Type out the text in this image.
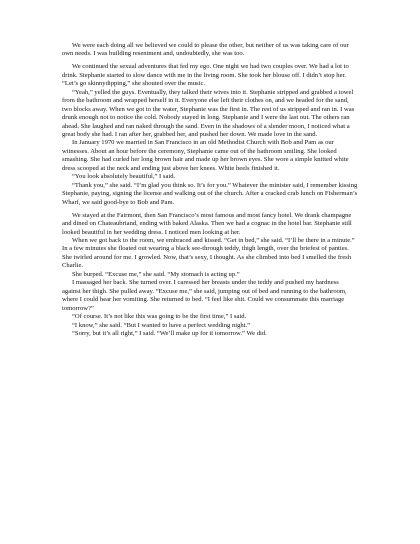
We were each doing all we believed we could to please the other, but neither of us was taking care of our own needs. I was building resentment and, undoubtedly, she was too.

We continued the sexual adventures that fed my ego. One night we had two couples over. We had a lot to drink. Stephanie started to slow dance with me in the living room. She took her blouse off. I didn’t stop her. “Let’s go skinnydipping,” she shouted over the music.

“Yeah,” yelled the guys. Eventually, they talked their wives into it. Stephanie stripped and grabbed a towel from the bathroom and wrapped herself in it. Everyone else left their clothes on, and we headed for the sand, two blocks away. When we got to the water, Stephanie was the first in. The rest of us stripped and ran in. I was drunk enough not to notice the cold. Nobody stayed in long. Stephanie and I were the last out. The others ran ahead. She laughed and ran naked through the sand. Even in the shadows of a slender moon, I noticed what a great body she had. I ran after her, grabbed her, and pushed her down. We made love in the sand.

In January 1970 we married in San Francisco in an old Methodist Church with Bob and Pam as our witnesses. About an hour before the ceremony, Stephanie came out of the bathroom smiling. She looked smashing. She had curled her long brown hair and made up her brown eyes. She wore a simple knitted white dress scooped at the neck and ending just above her knees. White heels finished it.

“You look absolutely beautiful,” I said.

“Thank you,” she said. “I’m glad you think so. It’s for you.” Whatever the minister said, I remember kissing Stephanie, paying, signing the license and walking out of the church. After a cracked crab lunch on Fisherman’s Wharf, we said good-bye to Bob and Pam.

We stayed at the Fairmont, then San Francisco’s most famous and most fancy hotel. We drank champagne and dined on Chateaubriand, ending with baked Alaska. Then we had a cognac in the hotel bar. Stephanie still looked beautiful in her wedding dress. I noticed men looking at her.

When we got back to the room, we embraced and kissed. “Get in bed,” she said. “I’ll be there in a minute.” In a few minutes she floated out wearing a black see-through teddy, thigh length, over the briefest of panties. She twirled around for me. I growled. Now, that’s sexy, I thought. As she climbed into bed I smelled the fresh Charlie.

She burped. “Excuse me,” she said. “My stomach is acting up.”

I massaged her back. She turned over. I caressed her breasts under the teddy and pushed my hardness against her thigh. She pulled away. “Excuse me,” she said, jumping out of bed and running to the bathroom, where I could hear her vomiting. She returned to bed. “I feel like shit. Could we consummate this marriage tomorrow?”

“Of course. It’s not like this was going to be the first time,” I said.

“I know,” she said. “But I wanted to have a perfect wedding night.”

“Sorry, but it’s all right,” I said. “We’ll make up for it tomorrow.” We did.
